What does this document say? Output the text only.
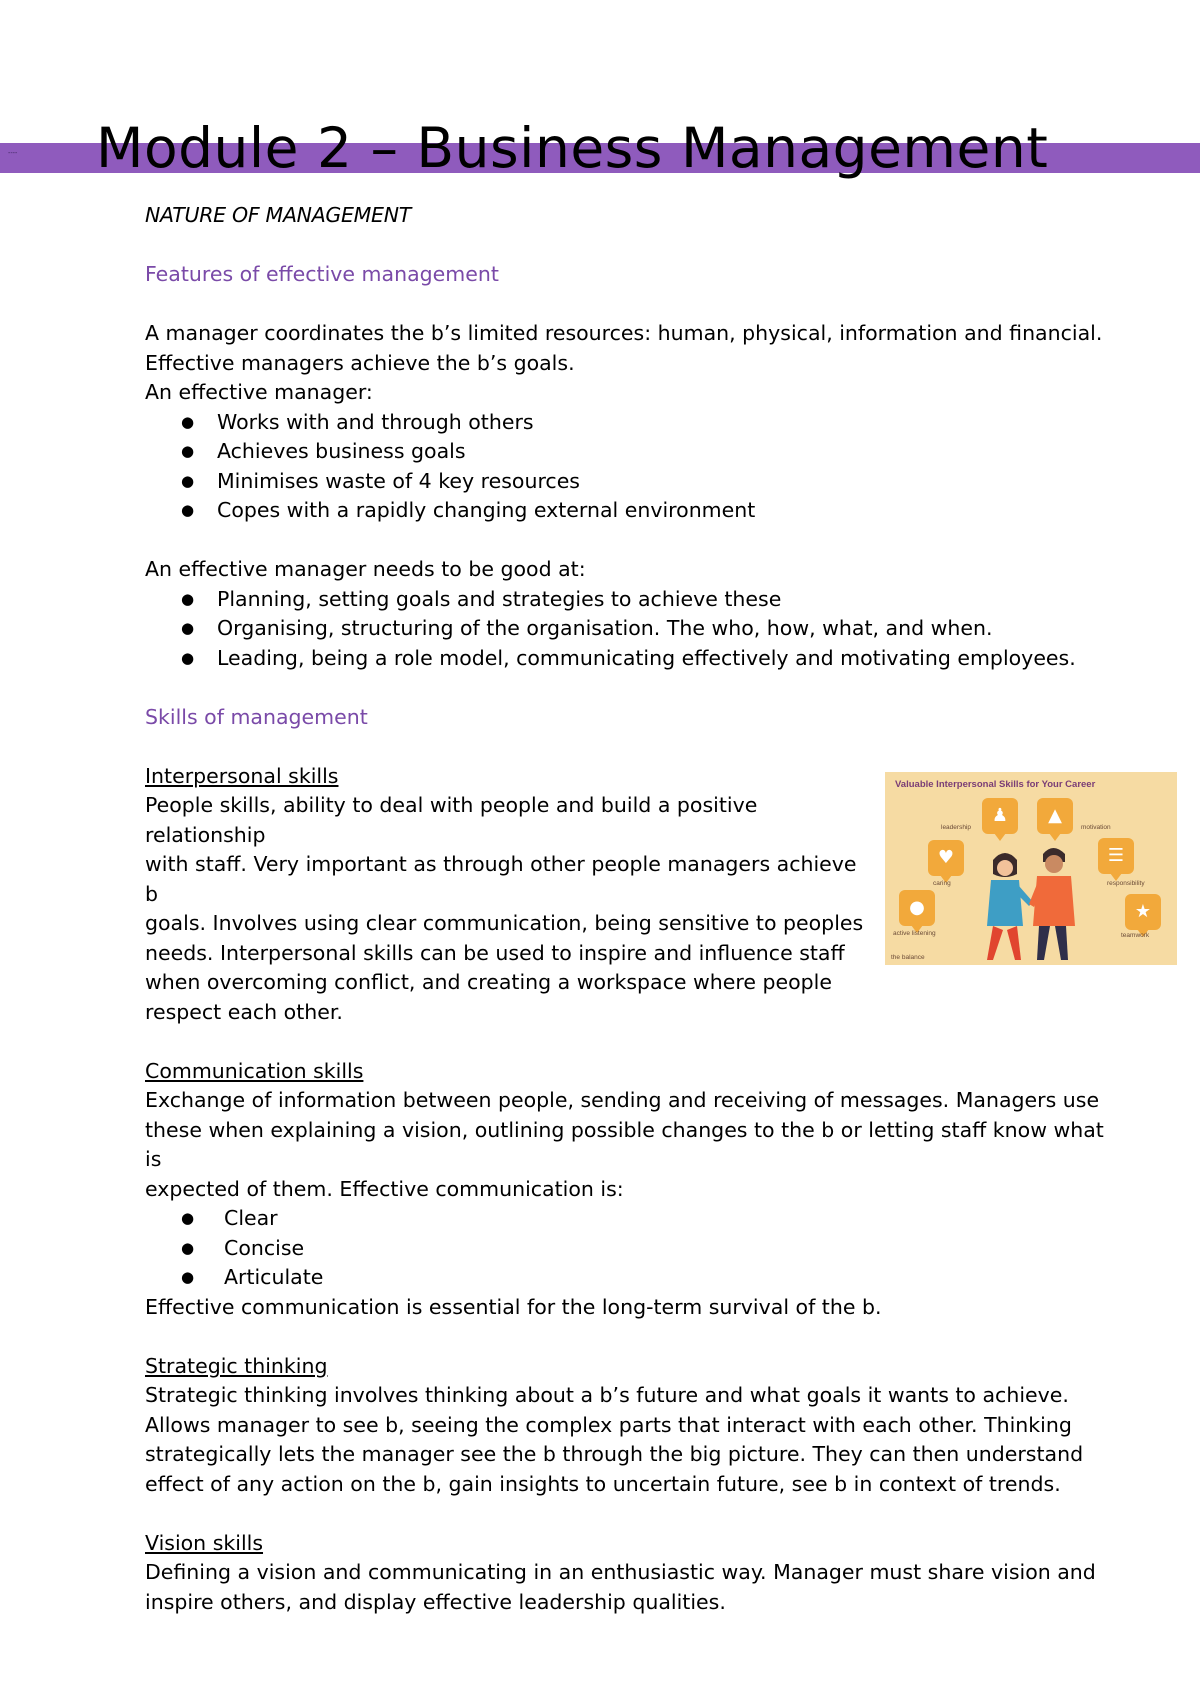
---- Module 2 – Business Management

NATURE OF MANAGEMENT

Features of effective management

A manager coordinates the b’s limited resources: human, physical, information and financial.

Effective managers achieve the b’s goals.

An effective manager:

● Works with and through others
● Achieves business goals
● Minimises waste of 4 key resources
● Copes with a rapidly changing external environment

An effective manager needs to be good at:

● Planning, setting goals and strategies to achieve these
● Organising, structuring of the organisation. The who, how, what, and when.
● Leading, being a role model, communicating effectively and motivating employees.

Skills of management

Interpersonal skills

People skills, ability to deal with people and build a positive relationship

with staff. Very important as through other people managers achieve b

goals. Involves using clear communication, being sensitive to peoples

needs. Interpersonal skills can be used to inspire and influence staff

when overcoming conflict, and creating a workspace where people

respect each other.

Communication skills

Exchange of information between people, sending and receiving of messages. Managers use

these when explaining a vision, outlining possible changes to the b or letting staff know what is

expected of them. Effective communication is:

● Clear
● Concise
● Articulate

Effective communication is essential for the long-term survival of the b.

Strategic thinking

Strategic thinking involves thinking about a b’s future and what goals it wants to achieve.

Allows manager to see b, seeing the complex parts that interact with each other. Thinking

strategically lets the manager see the b through the big picture. They can then understand

effect of any action on the b, gain insights to uncertain future, see b in context of trends.

Vision skills

Defining a vision and communicating in an enthusiastic way. Manager must share vision and

inspire others, and display effective leadership qualities.

Valuable Interpersonal Skills for Your Career
♟	▲
♥	☰
●	★
leadership	motivation
caring	responsibility
active listening	teamwork
the balance
